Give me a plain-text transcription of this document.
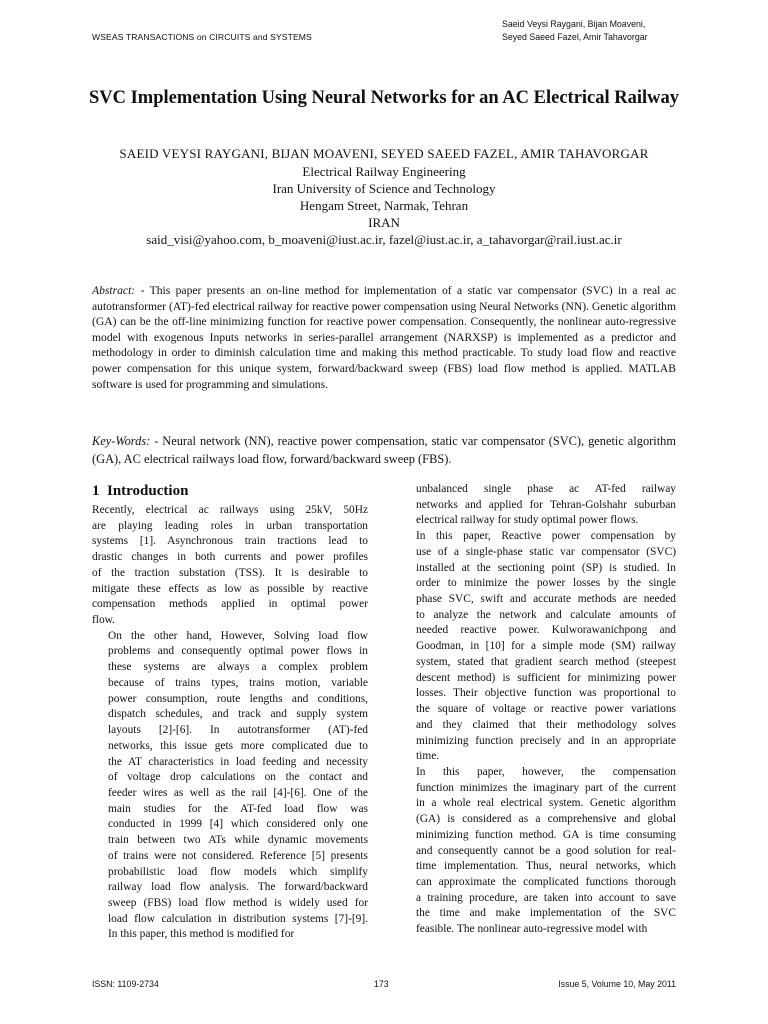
WSEAS TRANSACTIONS on CIRCUITS and SYSTEMS
Saeid Veysi Raygani, Bijan Moaveni,
Seyed Saeed Fazel, Amir Tahavorgar
SVC Implementation Using Neural Networks for an AC Electrical Railway
SAEID VEYSI RAYGANI, BIJAN MOAVENI, SEYED SAEED FAZEL, AMIR TAHAVORGAR
Electrical Railway Engineering
Iran University of Science and Technology
Hengam Street, Narmak, Tehran
IRAN
said_visi@yahoo.com, b_moaveni@iust.ac.ir, fazel@iust.ac.ir, a_tahavorgar@rail.iust.ac.ir
Abstract: - This paper presents an on-line method for implementation of a static var compensator (SVC) in a real ac autotransformer (AT)-fed electrical railway for reactive power compensation using Neural Networks (NN). Genetic algorithm (GA) can be the off-line minimizing function for reactive power compensation. Consequently, the nonlinear auto-regressive model with exogenous Inputs networks in series-parallel arrangement (NARXSP) is implemented as a predictor and methodology in order to diminish calculation time and making this method practicable. To study load flow and reactive power compensation for this unique system, forward/backward sweep (FBS) load flow method is applied. MATLAB software is used for programming and simulations.
Key-Words: - Neural network (NN), reactive power compensation, static var compensator (SVC), genetic algorithm (GA), AC electrical railways load flow, forward/backward sweep (FBS).
1 Introduction

Recently, electrical ac railways using 25kV, 50Hz
are playing leading roles in urban transportation
systems [1]. Asynchronous train tractions lead to
drastic changes in both currents and power profiles
of the traction substation (TSS). It is desirable to
mitigate these effects as low as possible by reactive
compensation methods applied in optimal power
flow.

On the other hand, However, Solving load flow
problems and consequently optimal power flows in
these systems are always a complex problem
because of trains types, trains motion, variable
power consumption, route lengths and conditions,
dispatch schedules, and track and supply system
layouts [2]-[6]. In autotransformer (AT)-fed
networks, this issue gets more complicated due to
the AT characteristics in load feeding and necessity
of voltage drop calculations on the contact and
feeder wires as well as the rail [4]-[6]. One of the
main studies for the AT-fed load flow was
conducted in 1999 [4] which considered only one
train between two ATs while dynamic movements
of trains were not considered. Reference [5] presents
probabilistic load flow models which simplify
railway load flow analysis. The forward/backward
sweep (FBS) load flow method is widely used for
load flow calculation in distribution systems [7]-[9].
In this paper, this method is modified for

unbalanced single phase ac AT-fed railway
networks and applied for Tehran-Golshahr suburban
electrical railway for study optimal power flows.

In this paper, Reactive power compensation by
use of a single-phase static var compensator (SVC)
installed at the sectioning point (SP) is studied. In
order to minimize the power losses by the single
phase SVC, swift and accurate methods are needed
to analyze the network and calculate amounts of
needed reactive power. Kulworawanichpong and
Goodman, in [10] for a simple mode (SM) railway
system, stated that gradient search method (steepest
descent method) is sufficient for minimizing power
losses. Their objective function was proportional to
the square of voltage or reactive power variations
and they claimed that their methodology solves
minimizing function precisely and in an appropriate
time.

In this paper, however, the compensation
function minimizes the imaginary part of the current
in a whole real electrical system. Genetic algorithm
(GA) is considered as a comprehensive and global
minimizing function method. GA is time consuming
and consequently cannot be a good solution for real-
time implementation. Thus, neural networks, which
can approximate the complicated functions thorough
a training procedure, are taken into account to save
the time and make implementation of the SVC
feasible. The nonlinear auto-regressive model with

ISSN: 1109-2734	173	Issue 5, Volume 10, May 2011
